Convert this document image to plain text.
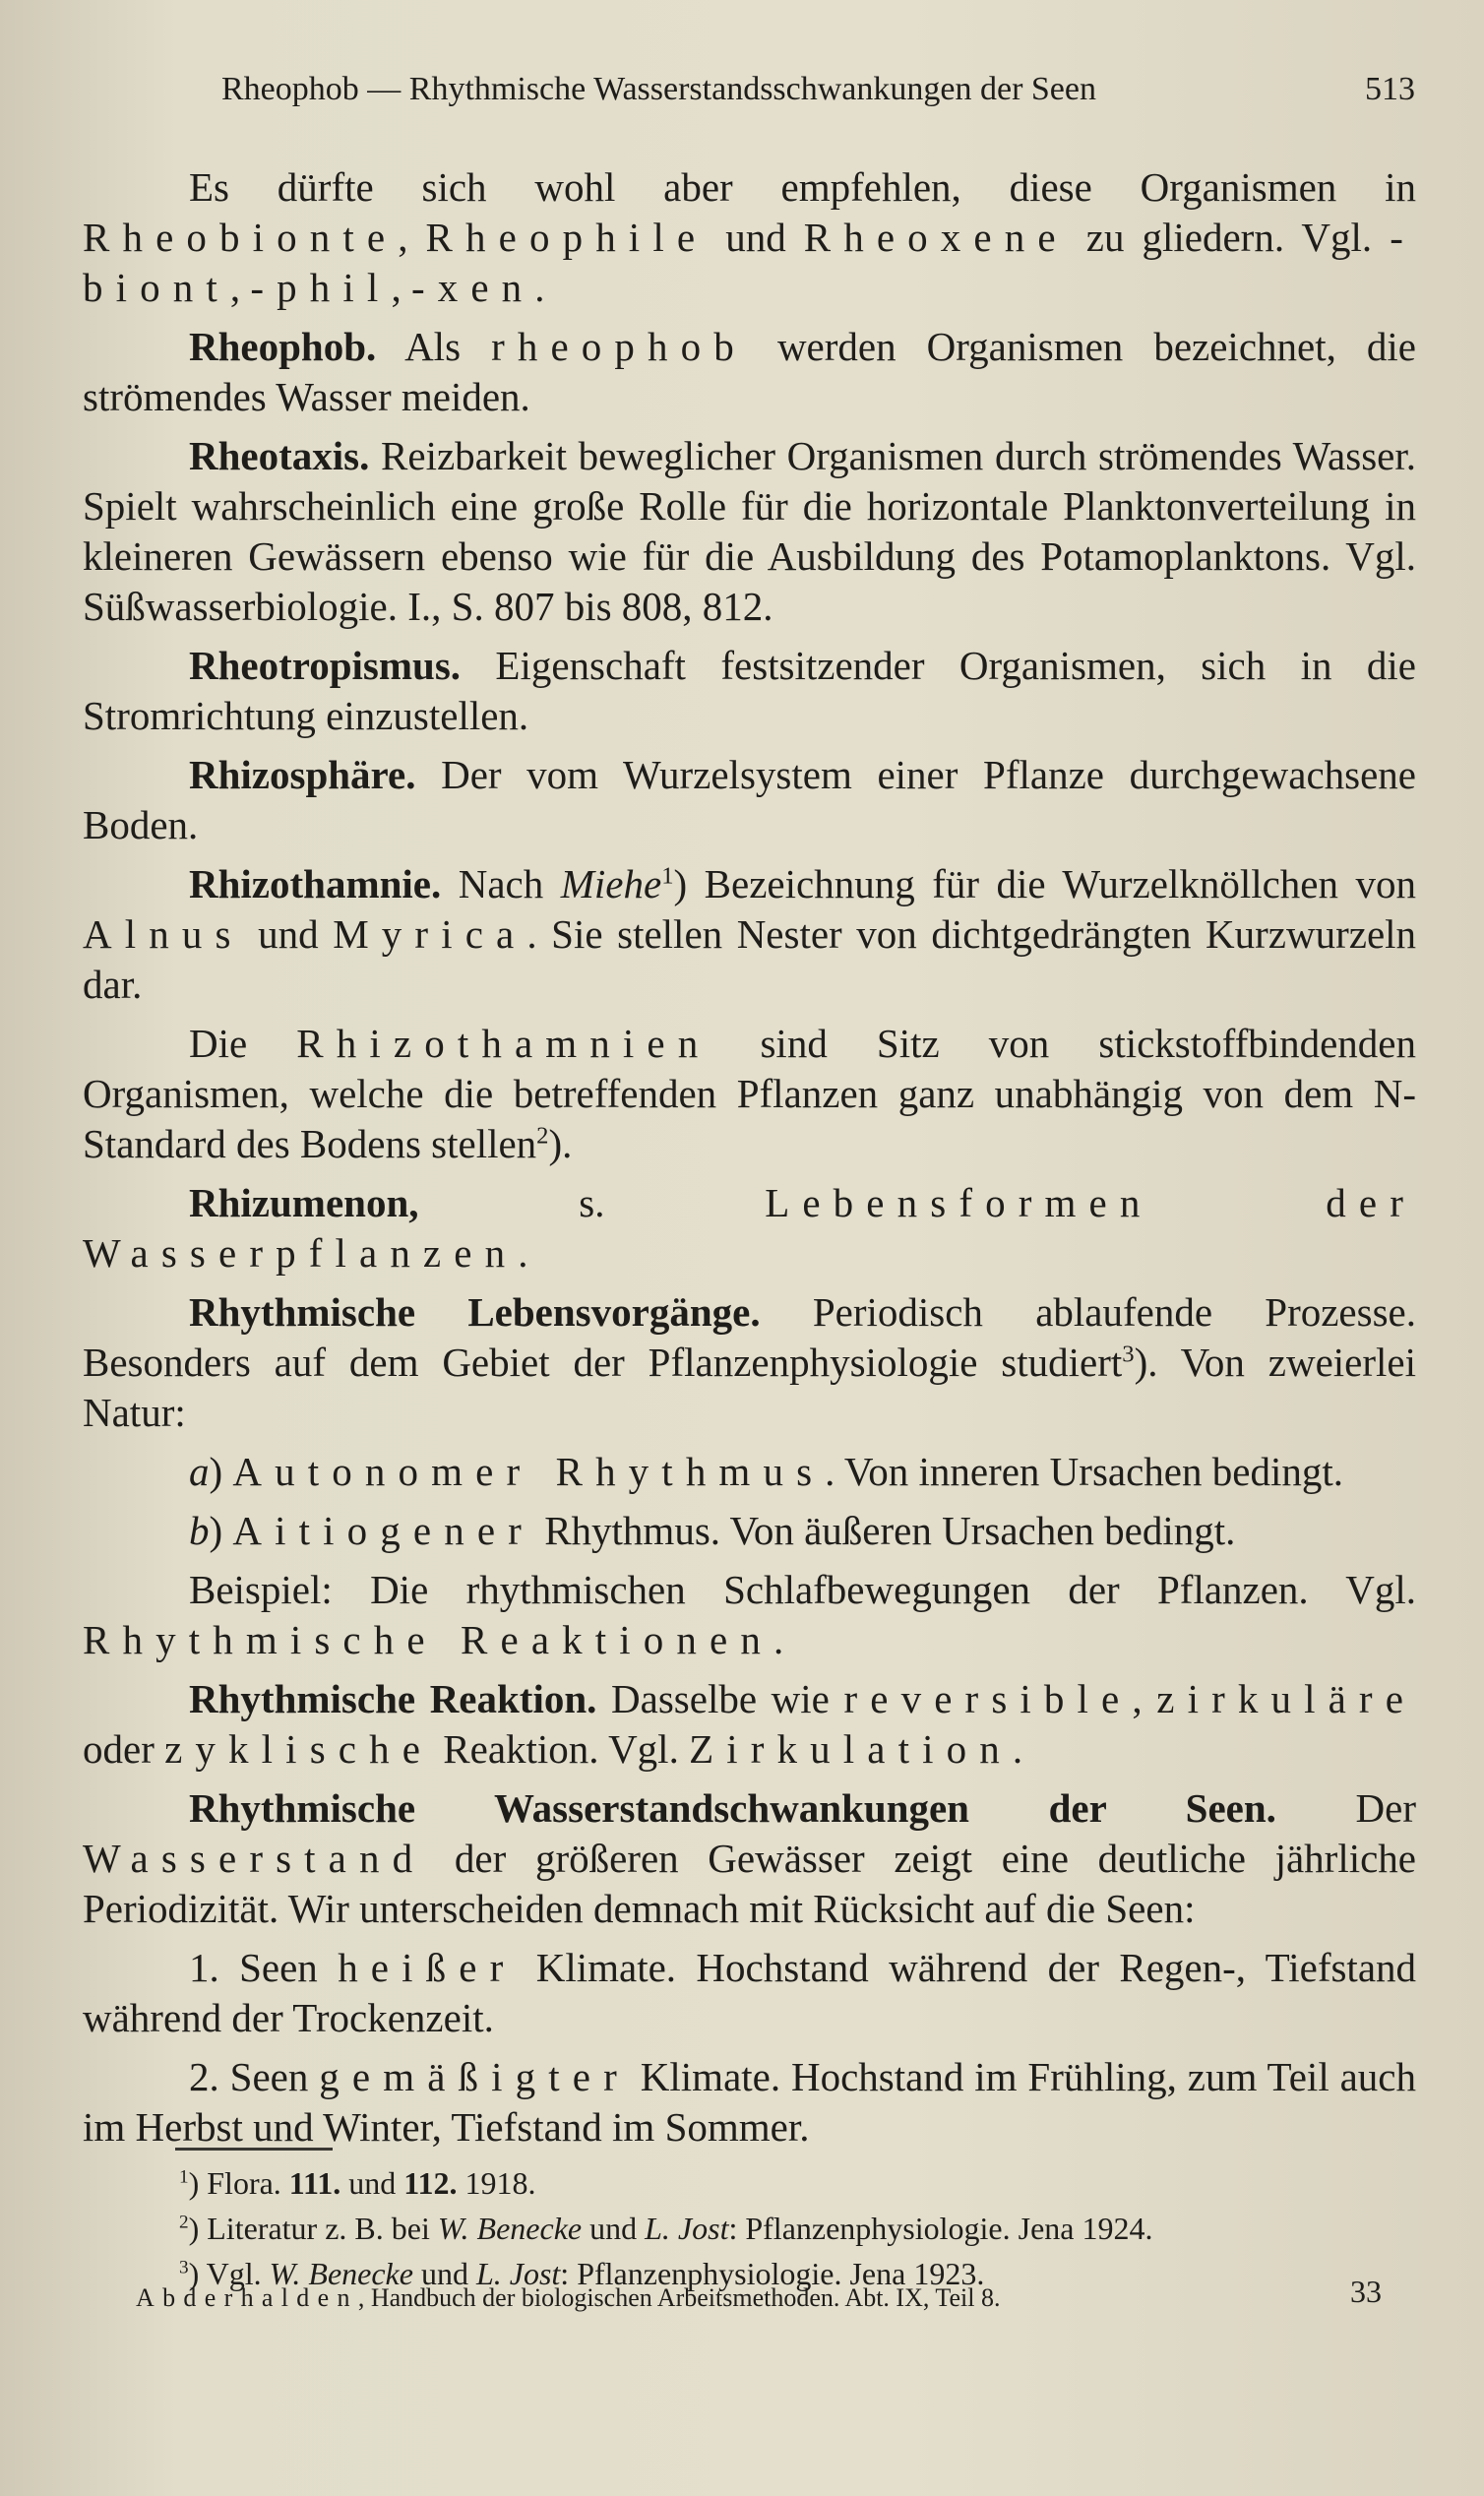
Rheophob — Rhythmische Wasserstandsschwankungen der Seen	513

Es dürfte sich wohl aber empfehlen, diese Organismen in Rheobionte, Rheophile und Rheoxene zu gliedern. Vgl. -biont, -phil, -xen.

Rheophob. Als rheophob werden Organismen bezeichnet, die strömendes Wasser meiden.

Rheotaxis. Reizbarkeit beweglicher Organismen durch strömendes Wasser. Spielt wahrscheinlich eine große Rolle für die horizontale Planktonverteilung in kleineren Gewässern ebenso wie für die Ausbildung des Potamoplanktons. Vgl. Süßwasserbiologie. I., S. 807 bis 808, 812.

Rheotropismus. Eigenschaft festsitzender Organismen, sich in die Stromrichtung einzustellen.

Rhizosphäre. Der vom Wurzelsystem einer Pflanze durchgewachsene Boden.

Rhizothamnie. Nach Miehe$^1$) Bezeichnung für die Wurzelknöllchen von Alnus und Myrica. Sie stellen Nester von dichtgedrängten Kurzwurzeln dar.

Die Rhizothamnien sind Sitz von stickstoffbindenden Organismen, welche die betreffenden Pflanzen ganz unabhängig von dem N-Standard des Bodens stellen$^2$).

Rhizumenon,	s.	Lebensformen der Wasserpflanzen.

Rhythmische Lebensvorgänge. Periodisch ablaufende Prozesse. Besonders auf dem Gebiet der Pflanzenphysiologie studiert$^3$). Von zweierlei Natur:

a) Autonomer Rhythmus. Von inneren Ursachen bedingt.

b) Aitiogener Rhythmus. Von äußeren Ursachen bedingt.

Beispiel: Die rhythmischen Schlafbewegungen der Pflanzen. Vgl. Rhythmische Reaktionen.

Rhythmische Reaktion. Dasselbe wie reversible, zirkuläre oder zyklische Reaktion. Vgl. Zirkulation.

Rhythmische Wasserstandschwankungen der Seen. Der Wasserstand der größeren Gewässer zeigt eine deutliche jährliche Periodizität. Wir unterscheiden demnach mit Rücksicht auf die Seen:

1. Seen heißer Klimate. Hochstand während der Regen-, Tiefstand während der Trockenzeit.

2. Seen gemäßigter Klimate. Hochstand im Frühling, zum Teil auch im Herbst und Winter, Tiefstand im Sommer.

$^1$) Flora. 111. und 112. 1918.
$^2$) Literatur z. B. bei W. Benecke und L. Jost: Pflanzenphysiologie. Jena 1924.
$^3$) Vgl. W. Benecke und L. Jost: Pflanzenphysiologie. Jena 1923.
Abderhalden, Handbuch der biologischen Arbeitsmethoden. Abt. IX, Teil 8.	33
